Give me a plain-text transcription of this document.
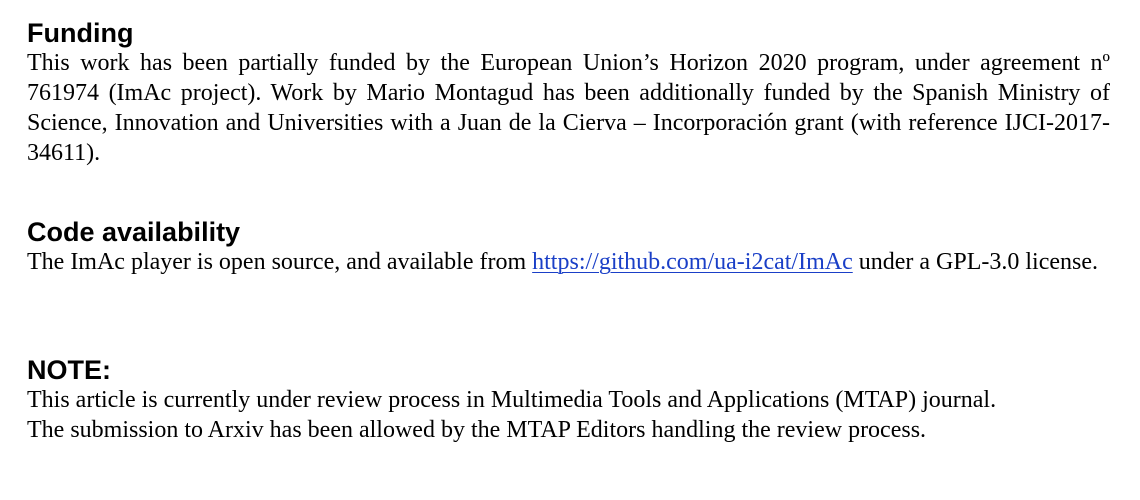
Funding

This work has been partially funded by the European Union’s Horizon 2020 program, under agreement nº 761974 (ImAc project). Work by Mario Montagud has been additionally funded by the Spanish Ministry of Science, Innovation and Universities with a Juan de la Cierva – Incorporación grant (with reference IJCI-2017-34611).

Code availability

The ImAc player is open source, and available from https://github.com/ua-i2cat/ImAc under a GPL-3.0 license.

NOTE:

This article is currently under review process in Multimedia Tools and Applications (MTAP) journal.

The submission to Arxiv has been allowed by the MTAP Editors handling the review process.
